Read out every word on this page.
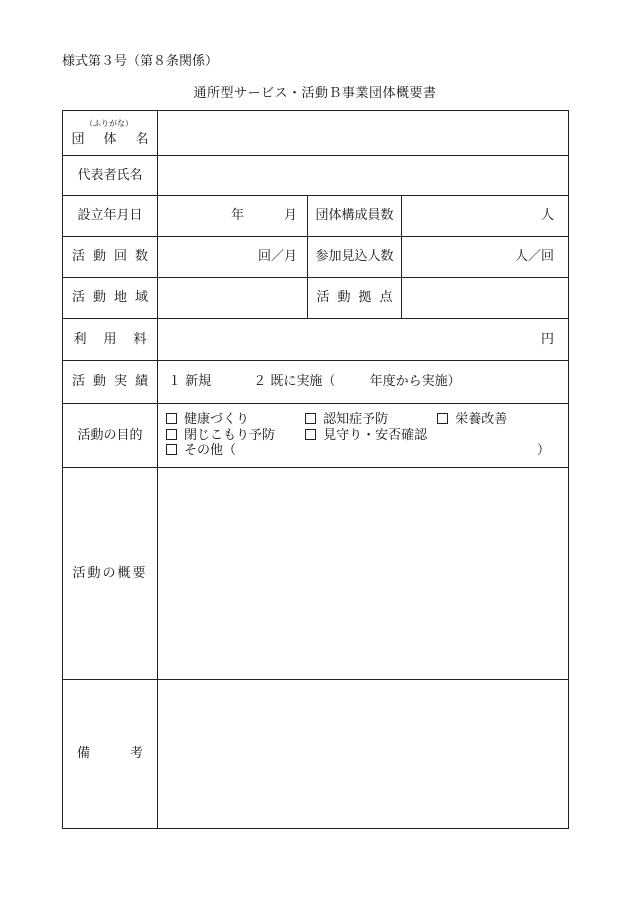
様式第３号（第８条関係）
通所型サービス・活動Ｂ事業団体概要書
（ふりがな）
団体名			
代表者氏名			
設立年月日	年 月	団体構成員数	人
活動回数	回／月	参加見込人数	人／回
活動地域		活動拠点	
利用料	円		
活動実績	１ 新規 ２ 既に実施（ 年度から実施）		
活動の目的	健康づくり 認知症予防 栄養改善
閉じこもり予防 見守り・安否確認
その他（ ）		

活動の概要			
備考			
